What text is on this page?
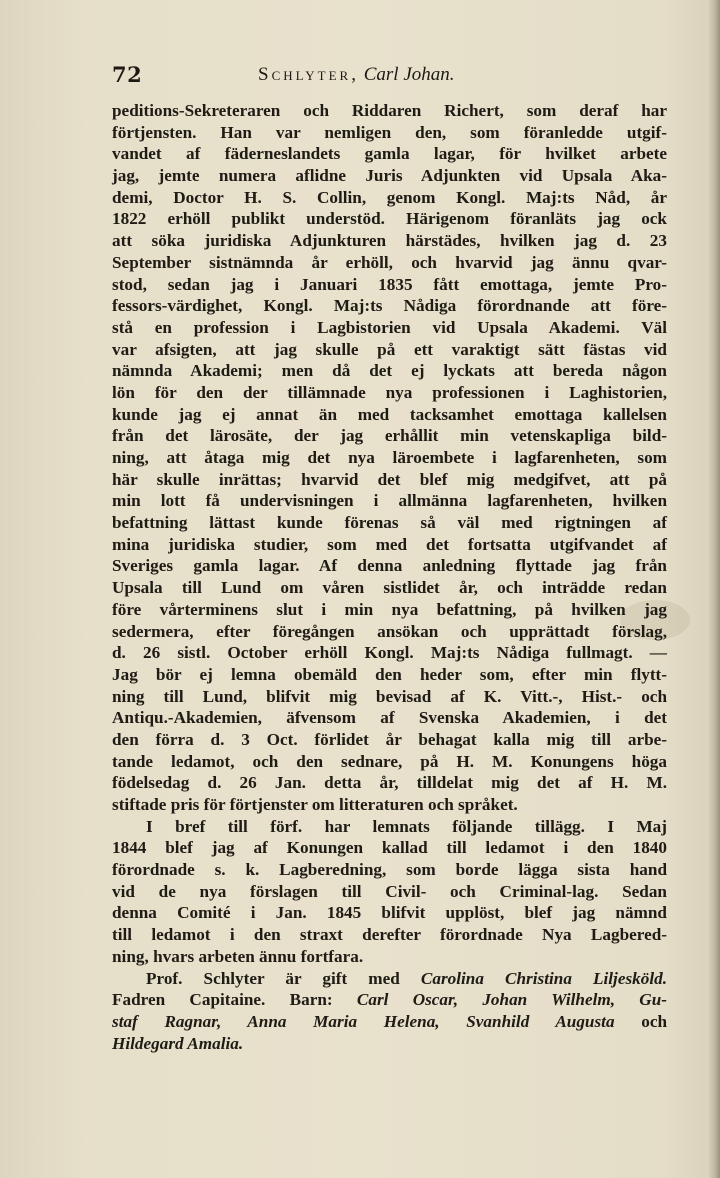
72	Schlyter, Carl Johan.
peditions-Sekreteraren och Riddaren Richert, som deraf har
förtjensten. Han var nemligen den, som föranledde utgif-
vandet af fäderneslandets gamla lagar, för hvilket arbete
jag, jemte numera aflidne Juris Adjunkten vid Upsala Aka-
demi, Doctor H. S. Collin, genom Kongl. Maj:ts Nåd, år
1822 erhöll publikt understöd. Härigenom föranläts jag ock
att söka juridiska Adjunkturen härstädes, hvilken jag d. 23
September sistnämnda år erhöll, och hvarvid jag ännu qvar-
stod, sedan jag i Januari 1835 fått emottaga, jemte Pro-
fessors-värdighet, Kongl. Maj:ts Nådiga förordnande att före-
stå en profession i Lagbistorien vid Upsala Akademi. Väl
var afsigten, att jag skulle på ett varaktigt sätt fästas vid
nämnda Akademi; men då det ej lyckats att bereda någon
lön för den der tillämnade nya professionen i Laghistorien,
kunde jag ej annat än med tacksamhet emottaga kallelsen
från det lärosäte, der jag erhållit min vetenskapliga bild-
ning, att åtaga mig det nya läroembete i lagfarenheten, som
här skulle inrättas; hvarvid det blef mig medgifvet, att på
min lott få undervisningen i allmänna lagfarenheten, hvilken
befattning lättast kunde förenas så väl med rigtningen af
mina juridiska studier, som med det fortsatta utgifvandet af
Sveriges gamla lagar. Af denna anledning flyttade jag från
Upsala till Lund om våren sistlidet år, och inträdde redan
före vårterminens slut i min nya befattning, på hvilken jag
sedermera, efter föregången ansökan och upprättadt förslag,
d. 26 sistl. October erhöll Kongl. Maj:ts Nådiga fullmagt. —
Jag bör ej lemna obemäld den heder som, efter min flytt-
ning till Lund, blifvit mig bevisad af K. Vitt.-, Hist.- och
Antiqu.-Akademien, äfvensom af Svenska Akademien, i det
den förra d. 3 Oct. förlidet år behagat kalla mig till arbe-
tande ledamot, och den sednare, på H. M. Konungens höga
födelsedag d. 26 Jan. detta år, tilldelat mig det af H. M.
stiftade pris för förtjenster om litteraturen och språket.
I bref till förf. har lemnats följande tillägg. I Maj
1844 blef jag af Konungen kallad till ledamot i den 1840
förordnade s. k. Lagberedning, som borde lägga sista hand
vid de nya förslagen till Civil- och Criminal-lag. Sedan
denna Comité i Jan. 1845 blifvit upplöst, blef jag nämnd
till ledamot i den straxt derefter förordnade Nya Lagbered-
ning, hvars arbeten ännu fortfara.
Prof. Schlyter är gift med Carolina Christina Liljesköld.
Fadren Capitaine. Barn: Carl Oscar, Johan Wilhelm, Gu-
staf Ragnar, Anna Maria Helena, Svanhild Augusta och
Hildegard Amalia.
